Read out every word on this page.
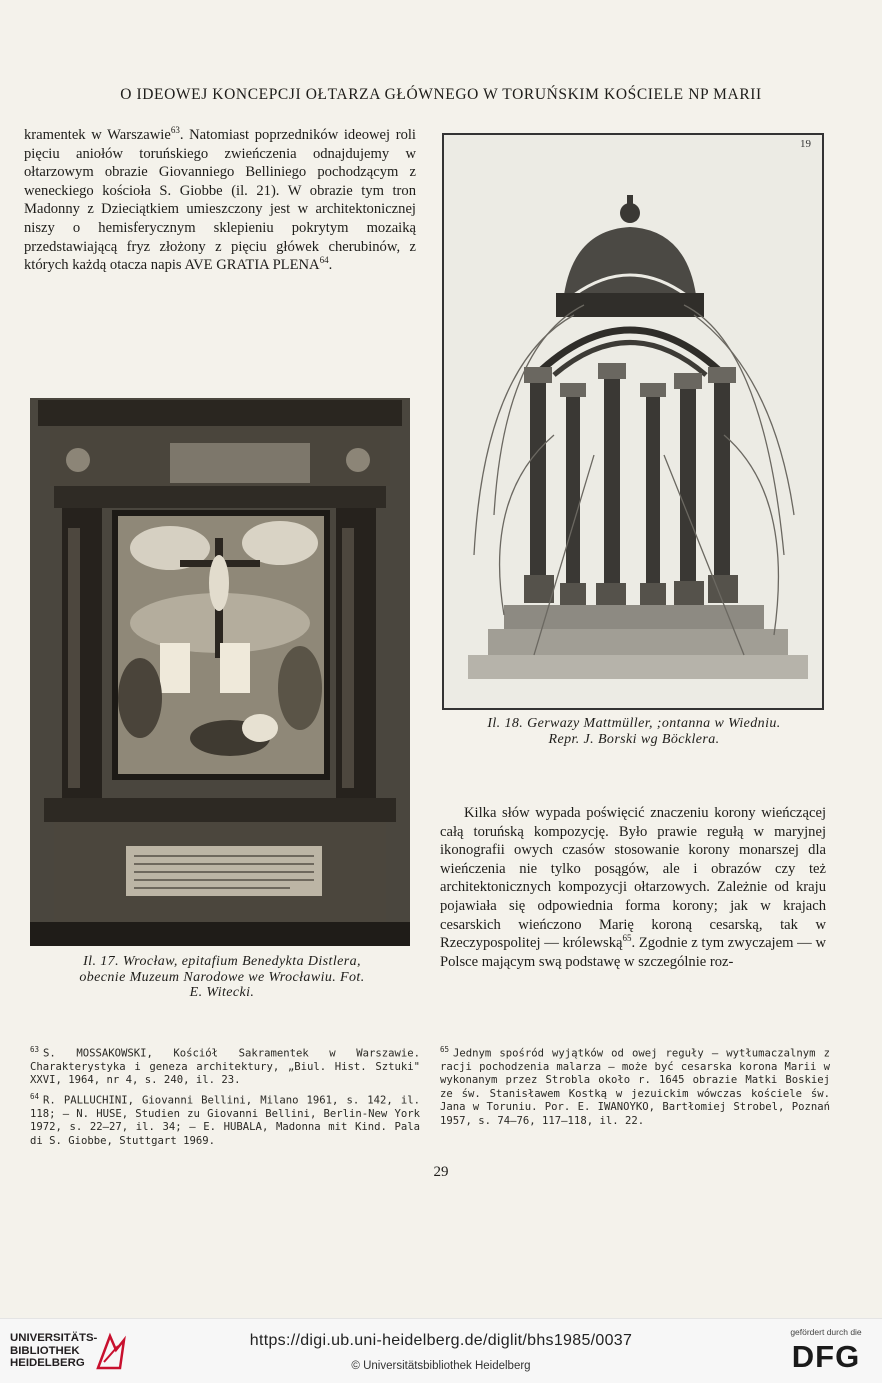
O IDEOWEJ KONCEPCJI OŁTARZA GŁÓWNEGO W TORUŃSKIM KOŚCIELE NP MARII
kramentek w Warszawie$^{63}$. Natomiast poprzedników ideowej roli pięciu aniołów toruńskiego zwieńczenia odnajdujemy w ołtarzowym obrazie Giovanniego Belliniego pochodzącym z weneckiego kościoła S. Giobbe (il. 21). W obrazie tym tron Madonny z Dzieciątkiem umieszczony jest w architektonicznej niszy o hemisferycznym sklepieniu pokrytym mozaiką przedstawiającą fryz złożony z pięciu główek cherubinów, z których każdą otacza napis AVE GRATIA PLENA$^{64}$.
Il. 17. Wrocław, epitafium Benedykta Distlera,
obecnie Muzeum Narodowe we Wrocławiu. Fot.
E. Witecki.
19
Il. 18. Gerwazy Mattmüller, ;ontanna w Wiedniu.
Repr. J. Borski wg Böcklera.
Kilka słów wypada poświęcić znaczeniu korony wieńczącej całą toruńską kompozycję. Było prawie regułą w maryjnej ikonografii owych czasów stosowanie korony monarszej dla wieńczenia nie tylko posągów, ale i obrazów czy też architektonicznych kompozycji ołtarzowych. Zależnie od kraju pojawiała się odpowiednia forma korony; jak w krajach cesarskich wieńczono Marię koroną cesarską, tak w Rzeczypospolitej — królewską$^{65}$. Zgodnie z tym zwyczajem — w Polsce mającym swą podstawę w szczególnie roz-

$^{63}$ S. MOSSAKOWSKI, Kościół Sakramentek w Warszawie. Charakterystyka i geneza architektury, „Biul. Hist. Sztuki" XXVI, 1964, nr 4, s. 240, il. 23.

$^{64}$ R. PALLUCHINI, Giovanni Bellini, Milano 1961, s. 142, il. 118; — N. HUSE, Studien zu Giovanni Bellini, Berlin-New York 1972, s. 22—27, il. 34; — E. HUBALA, Madonna mit Kind. Pala di S. Giobbe, Stuttgart 1969.

$^{65}$ Jednym spośród wyjątków od owej reguły — wytłumaczalnym z racji pochodzenia malarza — może być cesarska korona Marii w wykonanym przez Strobla około r. 1645 obrazie Matki Boskiej ze św. Stanisławem Kostką w jezuickim wówczas kościele św. Jana w Toruniu. Por. E. IWANOYKO, Bartłomiej Strobel, Poznań 1957, s. 74—76, 117—118, il. 22.

29
UNIVERSITÄTS-
BIBLIOTHEK
HEIDELBERG
https://digi.ub.uni-heidelberg.de/diglit/bhs1985/0037
© Universitätsbibliothek Heidelberg
gefördert durch die
DFG
